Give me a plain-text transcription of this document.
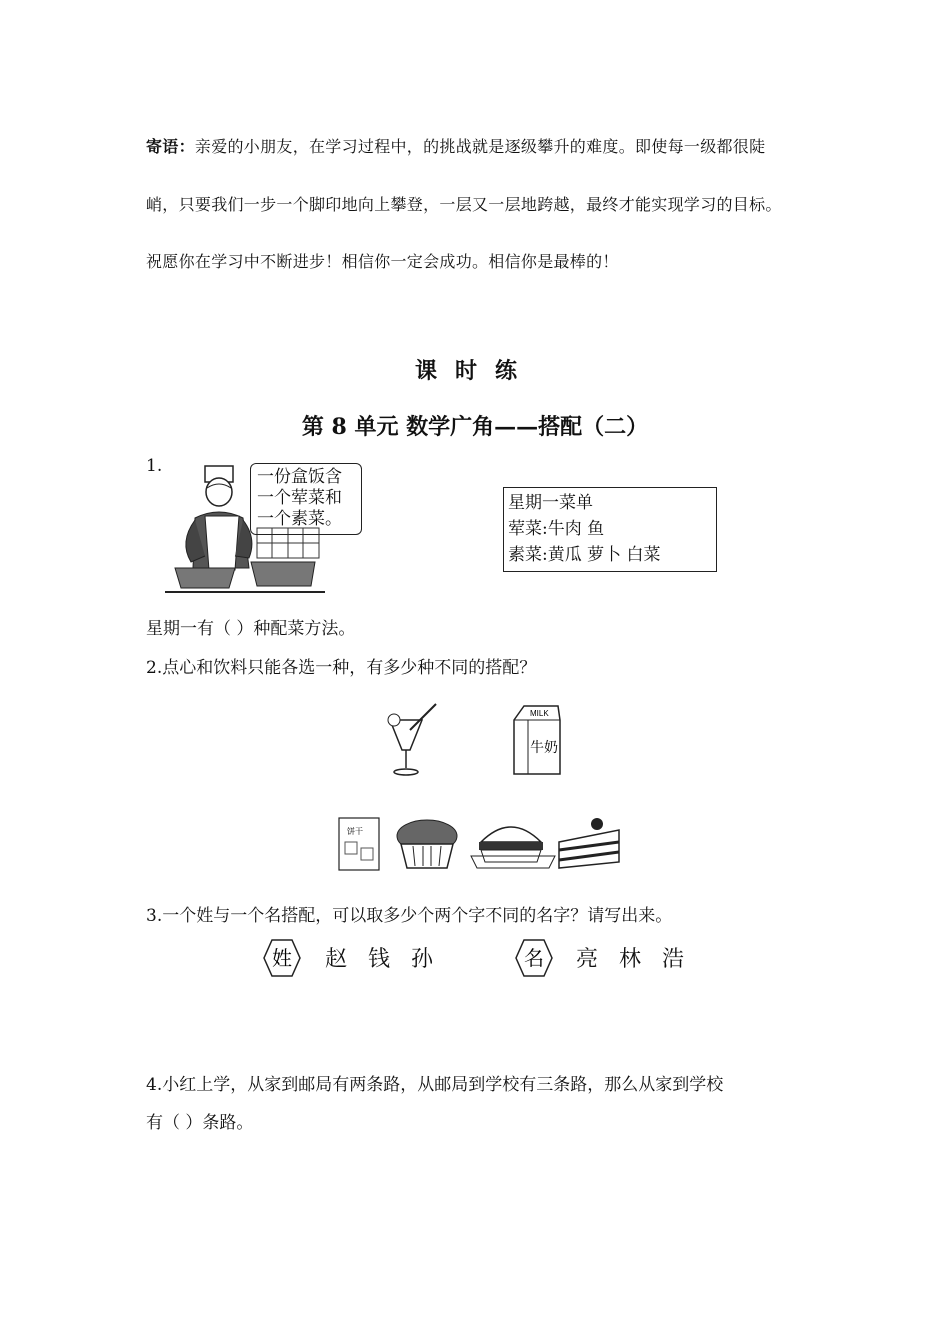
寄语：亲爱的小朋友，在学习过程中，的挑战就是逐级攀升的难度。即使每一级都很陡
峭，只要我们一步一个脚印地向上攀登，一层又一层地跨越，最终才能实现学习的目标。
祝愿你在学习中不断进步！相信你一定会成功。相信你是最棒的！
课时练
第 8 单元 数学广角——搭配（二）
1.
一份盒饭含
一个荤菜和
一个素菜。
星期一菜单
荤菜:牛肉 鱼
素菜:黄瓜 萝卜 白菜
星期一有（ ）种配菜方法。
2.点心和饮料只能各选一种，有多少种不同的搭配？
MILK
牛奶
饼干
3.一个姓与一个名搭配，可以取多少个两个字不同的名字？请写出来。
姓 赵   钱   孙	名 亮   林   浩
4.小红上学，从家到邮局有两条路，从邮局到学校有三条路，那么从家到学校
有（ ）条路。
